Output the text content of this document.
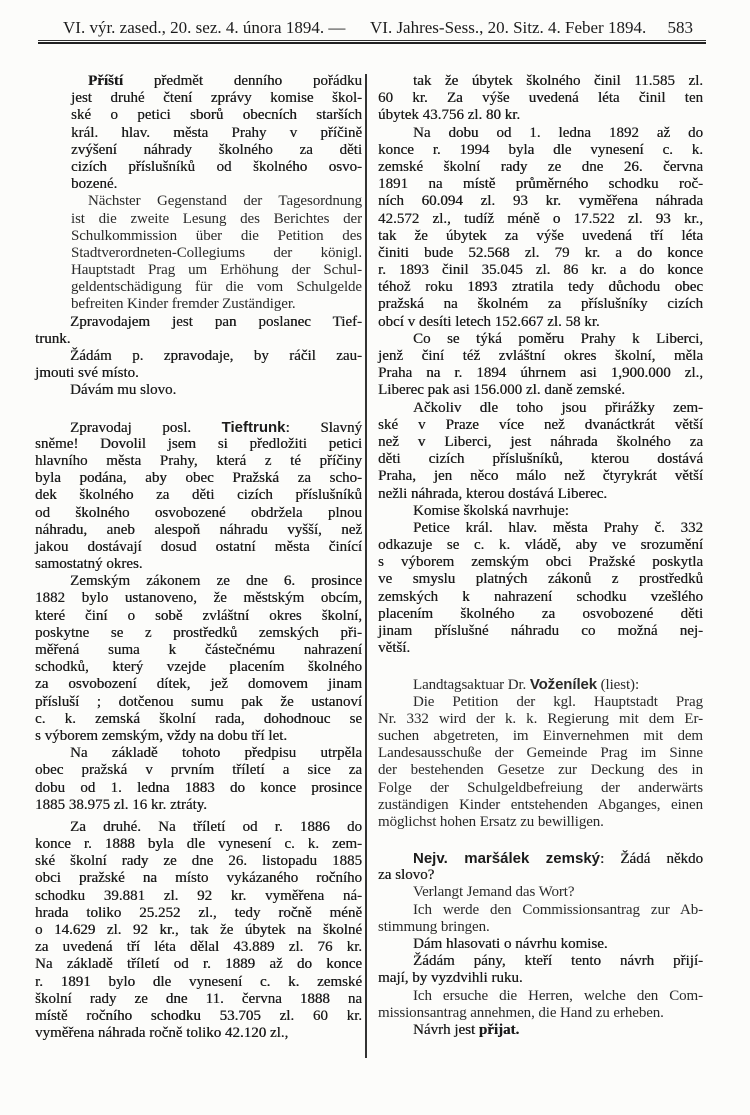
VI. výr. zased., 20. sez. 4. února 1894. — VI. Jahres-Sess., 20. Sitz. 4. Feber 1894. 583
Příští předmět denního pořádku
jest druhé čtení zprávy komise škol-
ské o petici sborů obecních starších
král. hlav. města Prahy v příčině
zvýšení náhrady školného za děti
cizích příslušníků od školného osvo-
bozené.
Nächster Gegenstand der Tagesordnung
ist die zweite Lesung des Berichtes der
Schulkommission über die Petition des
Stadtverordneten-Collegiums der königl.
Hauptstadt Prag um Erhöhung der Schul-
geldentschädigung für die vom Schulgelde
befreiten Kinder fremder Zuständiger.
Zpravodajem jest pan poslanec Tief-
trunk.
Žádám p. zpravodaje, by ráčil zau-
jmouti své místo.
Dávám mu slovo.
Zpravodaj posl. Tieftrunk: Slavný
sněme! Dovolil jsem si předložiti petici
hlavního města Prahy, která z té příčiny
byla podána, aby obec Pražská za scho-
dek školného za děti cizích příslušníků
od školného osvobozené obdržela plnou
náhradu, aneb alespoň náhradu vyšší, než
jakou dostávají dosud ostatní města činící
samostatný okres.
Zemským zákonem ze dne 6. prosince
1882 bylo ustanoveno, že městským obcím,
které činí o sobě zvláštní okres školní,
poskytne se z prostředků zemských při-
měřená suma k částečnému nahrazení
schodků, který vzejde placením školného
za osvobození dítek, jež domovem jinam
přísluší ; dotčenou sumu pak že ustanoví
c. k. zemská školní rada, dohodnouc se
s výborem zemským, vždy na dobu tří let.
Na základě tohoto předpisu utrpěla
obec pražská v prvním tříletí a sice za
dobu od 1. ledna 1883 do konce prosince
1885 38.975 zl. 16 kr. ztráty.
Za druhé. Na tříletí od r. 1886 do
konce r. 1888 byla dle vynesení c. k. zem-
ské školní rady ze dne 26. listopadu 1885
obci pražské na místo vykázaného ročního
schodku 39.881 zl. 92 kr. vyměřena ná-
hrada toliko 25.252 zl., tedy ročně méně
o 14.629 zl. 92 kr., tak že úbytek na školné
za uvedená tří léta dělal 43.889 zl. 76 kr.
Na základě tříletí od r. 1889 až do konce
r. 1891 bylo dle vynesení c. k. zemské
školní rady ze dne 11. června 1888 na
místě ročního schodku 53.705 zl. 60 kr.
vyměřena náhrada ročně toliko 42.120 zl.,
tak že úbytek školného činil 11.585 zl.
60 kr. Za výše uvedená léta činil ten
úbytek 43.756 zl. 80 kr.
Na dobu od 1. ledna 1892 až do
konce r. 1994 byla dle vynesení c. k.
zemské školní rady ze dne 26. června
1891 na místě průměrného schodku roč-
ních 60.094 zl. 93 kr. vyměřena náhrada
42.572 zl., tudíž méně o 17.522 zl. 93 kr.,
tak že úbytek za výše uvedená tří léta
činiti bude 52.568 zl. 79 kr. a do konce
r. 1893 činil 35.045 zl. 86 kr. a do konce
téhož roku 1893 ztratila tedy důchodu obec
pražská na školném za příslušníky cizích
obcí v desíti letech 152.667 zl. 58 kr.
Co se týká poměru Prahy k Liberci,
jenž činí též zvláštní okres školní, měla
Praha na r. 1894 úhrnem asi 1,900.000 zl.,
Liberec pak asi 156.000 zl. daně zemské.
Ačkoliv dle toho jsou přirážky zem-
ské v Praze více než dvanáctkrát větší
než v Liberci, jest náhrada školného za
děti cizích příslušníků, kterou dostává
Praha, jen něco málo než čtyrykrát větší
nežli náhrada, kterou dostává Liberec.
Komise školská navrhuje:
Petice král. hlav. města Prahy č. 332
odkazuje se c. k. vládě, aby ve srozumění
s výborem zemským obci Pražské poskytla
ve smyslu platných zákonů z prostředků
zemských k nahrazení schodku vzešlého
placením školného za osvobozené děti
jinam příslušné náhradu co možná nej-
větší.
Landtagsaktuar Dr. Voženílek (liest):
Die Petition der kgl. Hauptstadt Prag
Nr. 332 wird der k. k. Regierung mit dem Er-
suchen abgetreten, im Einvernehmen mit dem
Landesausschuße der Gemeinde Prag im Sinne
der bestehenden Gesetze zur Deckung des in
Folge der Schulgeldbefreiung der anderwärts
zuständigen Kinder entstehenden Abganges, einen
möglichst hohen Ersatz zu bewilligen.
Nejv. maršálek zemský: Žádá někdo
za slovo?
Verlangt Jemand das Wort?
Ich werde den Commissionsantrag zur Ab-
stimmung bringen.
Dám hlasovati o návrhu komise.
Žádám pány, kteří tento návrh přijí-
mají, by vyzdvihli ruku.
Ich ersuche die Herren, welche den Com-
missionsantrag annehmen, die Hand zu erheben.
Návrh jest přijat.
